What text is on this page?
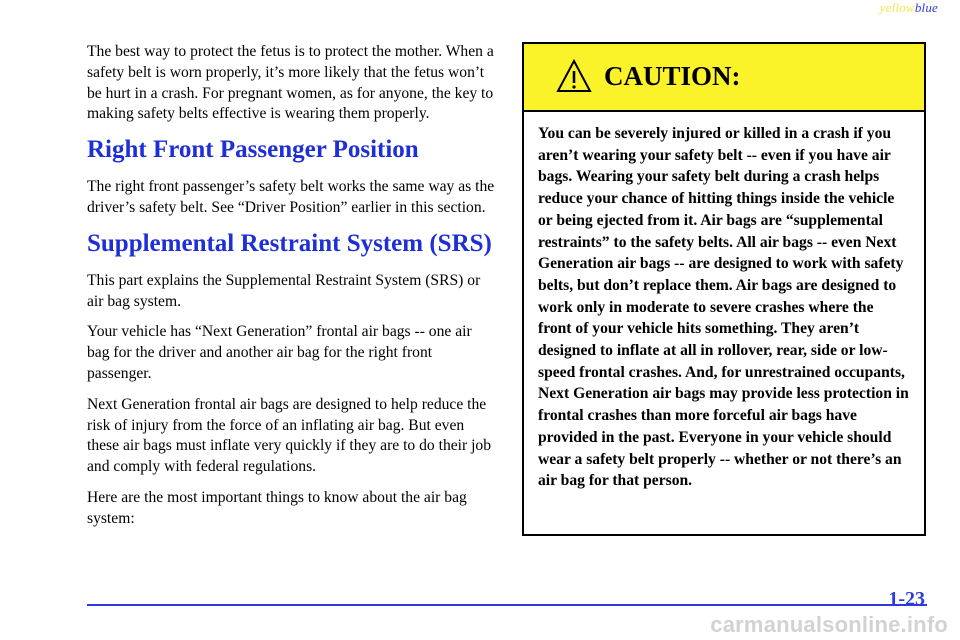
yellowblue

The best way to protect the fetus is to protect the mother. When a safety belt is worn properly, it’s more likely that the fetus won’t be hurt in a crash. For pregnant women, as for anyone, the key to making safety belts effective is wearing them properly.

Right Front Passenger Position

The right front passenger’s safety belt works the same way as the driver’s safety belt. See “Driver Position” earlier in this section.

Supplemental Restraint System (SRS)

This part explains the Supplemental Restraint System (SRS) or air bag system.

Your vehicle has “Next Generation” frontal air bags -- one air bag for the driver and another air bag for the right front passenger.

Next Generation frontal air bags are designed to help reduce the risk of injury from the force of an inflating air bag. But even these air bags must inflate very quickly if they are to do their job and comply with federal regulations.

Here are the most important things to know about the air bag system:

CAUTION:
You can be severely injured or killed in a crash if you aren’t wearing your safety belt -- even if you have air bags. Wearing your safety belt during a crash helps reduce your chance of hitting things inside the vehicle or being ejected from it. Air bags are “supplemental restraints” to the safety belts. All air bags -- even Next Generation air bags -- are designed to work with safety belts, but don’t replace them. Air bags are designed to work only in moderate to severe crashes where the front of your vehicle hits something. They aren’t designed to inflate at all in rollover, rear, side or low-speed frontal crashes. And, for unrestrained occupants, Next Generation air bags may provide less protection in frontal crashes than more forceful air bags have provided in the past. Everyone in your vehicle should wear a safety belt properly -- whether or not there’s an air bag for that person.
1-23
carmanualsonline.info
